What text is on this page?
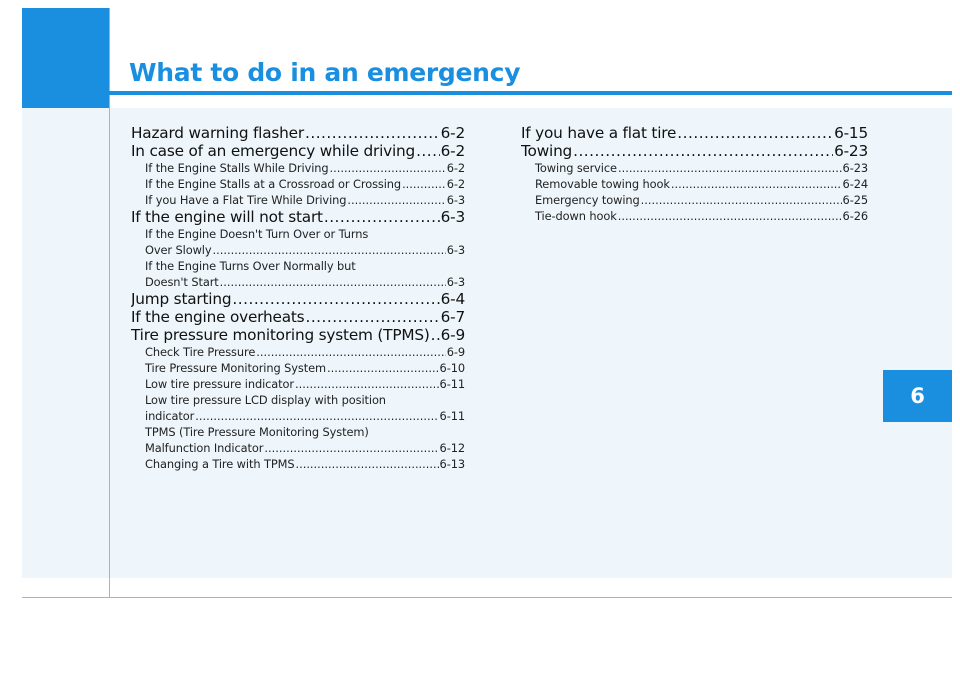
What to do in an emergency
6
Hazard warning flasher .....	6-2
In case of an emergency while driving ..... 6-2
If the Engine Stalls While Driving .....	6-2
If the Engine Stalls at a Crossroad or Crossing .....	6-2
If you Have a Flat Tire While Driving .....	6-3
If the engine will not start .....	6-3
If the Engine Doesn't Turn Over or Turns
Over Slowly .....	6-3
If the Engine Turns Over Normally but
Doesn't Start .....	6-3
Jump starting .....	6-4
If the engine overheats .....	6-7
Tire pressure monitoring system (TPMS) ..... 6-9
Check Tire Pressure .....	6-9
Tire Pressure Monitoring System .....	6-10
Low tire pressure indicator .....	6-11
Low tire pressure LCD display with position
indicator .....	6-11
TPMS (Tire Pressure Monitoring System)
Malfunction Indicator .....	6-12
Changing a Tire with TPMS .....	6-13
If you have a flat tire .....	6-15
Towing .....	6-23
Towing service .....	6-23
Removable towing hook .....	6-24
Emergency towing .....	6-25
Tie-down hook .....	6-26
